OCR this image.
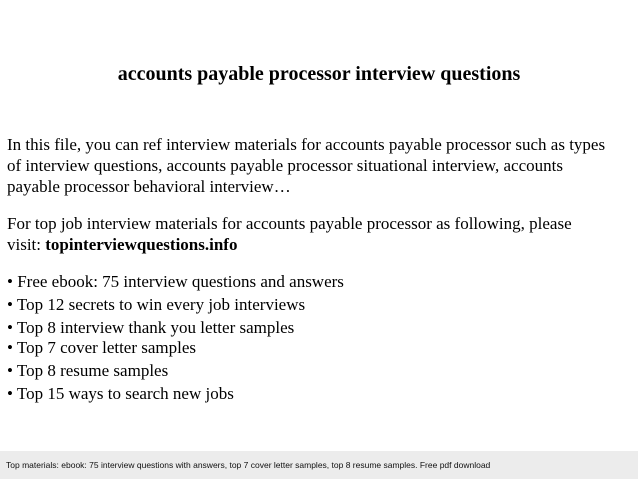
accounts payable processor interview questions
In this file, you can ref interview materials for accounts payable processor such as types
of interview questions, accounts payable processor situational interview, accounts
payable processor behavioral interview…
For top job interview materials for accounts payable processor as following, please
visit: topinterviewquestions.info
• Free ebook: 75 interview questions and answers
• Top 12 secrets to win every job interviews
• Top 8 interview thank you letter samples
• Top 7 cover letter samples
• Top 8 resume samples
• Top 15 ways to search new jobs
Top materials: ebook: 75 interview questions with answers, top 7 cover letter samples, top 8 resume samples. Free pdf download
